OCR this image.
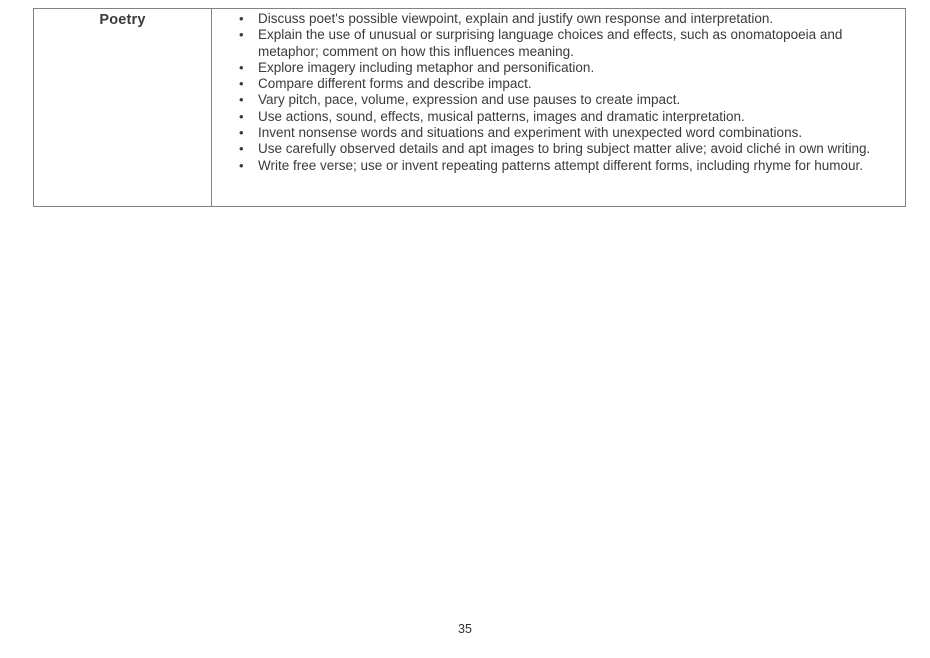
Poetry	• Discuss poet's possible viewpoint, explain and justify own response and interpretation.
• Explain the use of unusual or surprising language choices and effects, such as onomatopoeia and metaphor; comment on how this influences meaning.
• Explore imagery including metaphor and personification.
• Compare different forms and describe impact.
• Vary pitch, pace, volume, expression and use pauses to create impact.
• Use actions, sound, effects, musical patterns, images and dramatic interpretation.
• Invent nonsense words and situations and experiment with unexpected word combinations.
• Use carefully observed details and apt images to bring subject matter alive; avoid cliché in own writing.
• Write free verse; use or invent repeating patterns attempt different forms, including rhyme for humour.
35
